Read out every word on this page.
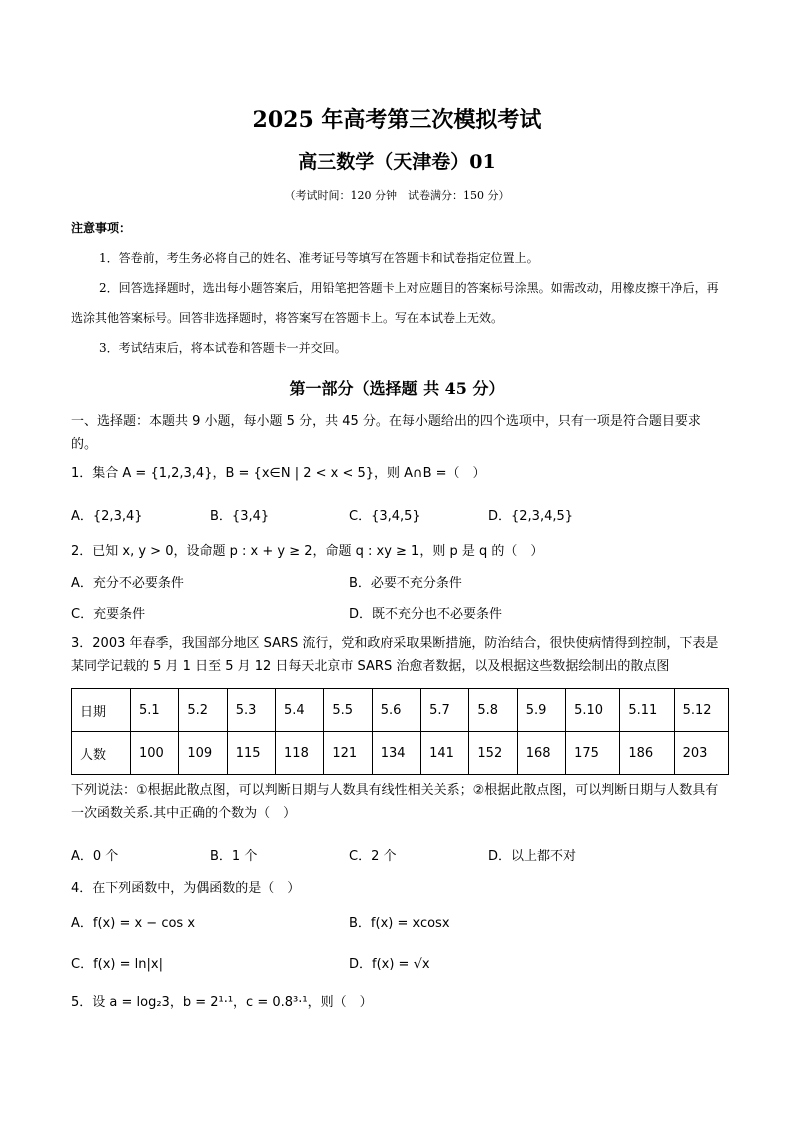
2025 年高考第三次模拟考试
高三数学（天津卷）01
（考试时间：120 分钟　试卷满分：150 分）
注意事项：

1．答卷前，考生务必将自己的姓名、准考证号等填写在答题卡和试卷指定位置上。

2．回答选择题时，选出每小题答案后，用铅笔把答题卡上对应题目的答案标号涂黑。如需改动，用橡皮擦干净后，再选涂其他答案标号。回答非选择题时，将答案写在答题卡上。写在本试卷上无效。

3．考试结束后，将本试卷和答题卡一并交回。

第一部分（选择题 共 45 分）
一、选择题：本题共 9 小题，每小题 5 分，共 45 分。在每小题给出的四个选项中，只有一项是符合题目要求的。
1．集合 A = {1,2,3,4}，B = {x∈N | 2 < x < 5}，则 A∩B =（　）
A．{2,3,4}	B．{3,4}	C．{3,4,5}	D．{2,3,4,5}
2．已知 x, y > 0，设命题 p : x + y ≥ 2，命题 q : xy ≥ 1，则 p 是 q 的（　）
A．充分不必要条件	B．必要不充分条件
C．充要条件	D．既不充分也不必要条件
3．2003 年春季，我国部分地区 SARS 流行，党和政府采取果断措施，防治结合，很快使病情得到控制，下表是某同学记载的 5 月 1 日至 5 月 12 日每天北京市 SARS 治愈者数据，以及根据这些数据绘制出的散点图
日期	5.1	5.2	5.3	5.4	5.5	5.6	5.7	5.8	5.9	5.10	5.11	5.12
人数	100	109	115	118	121	134	141	152	168	175	186	203
下列说法：①根据此散点图，可以判断日期与人数具有线性相关关系；②根据此散点图，可以判断日期与人数具有一次函数关系.其中正确的个数为（　）
A．0 个	B．1 个	C．2 个	D．以上都不对
4．在下列函数中，为偶函数的是（　）
A．f(x) = x − cos x	B．f(x) = xcosx
C．f(x) = ln|x|	D．f(x) = √x
5．设 a = log₂3，b = 2¹·¹，c = 0.8³·¹，则（　）
